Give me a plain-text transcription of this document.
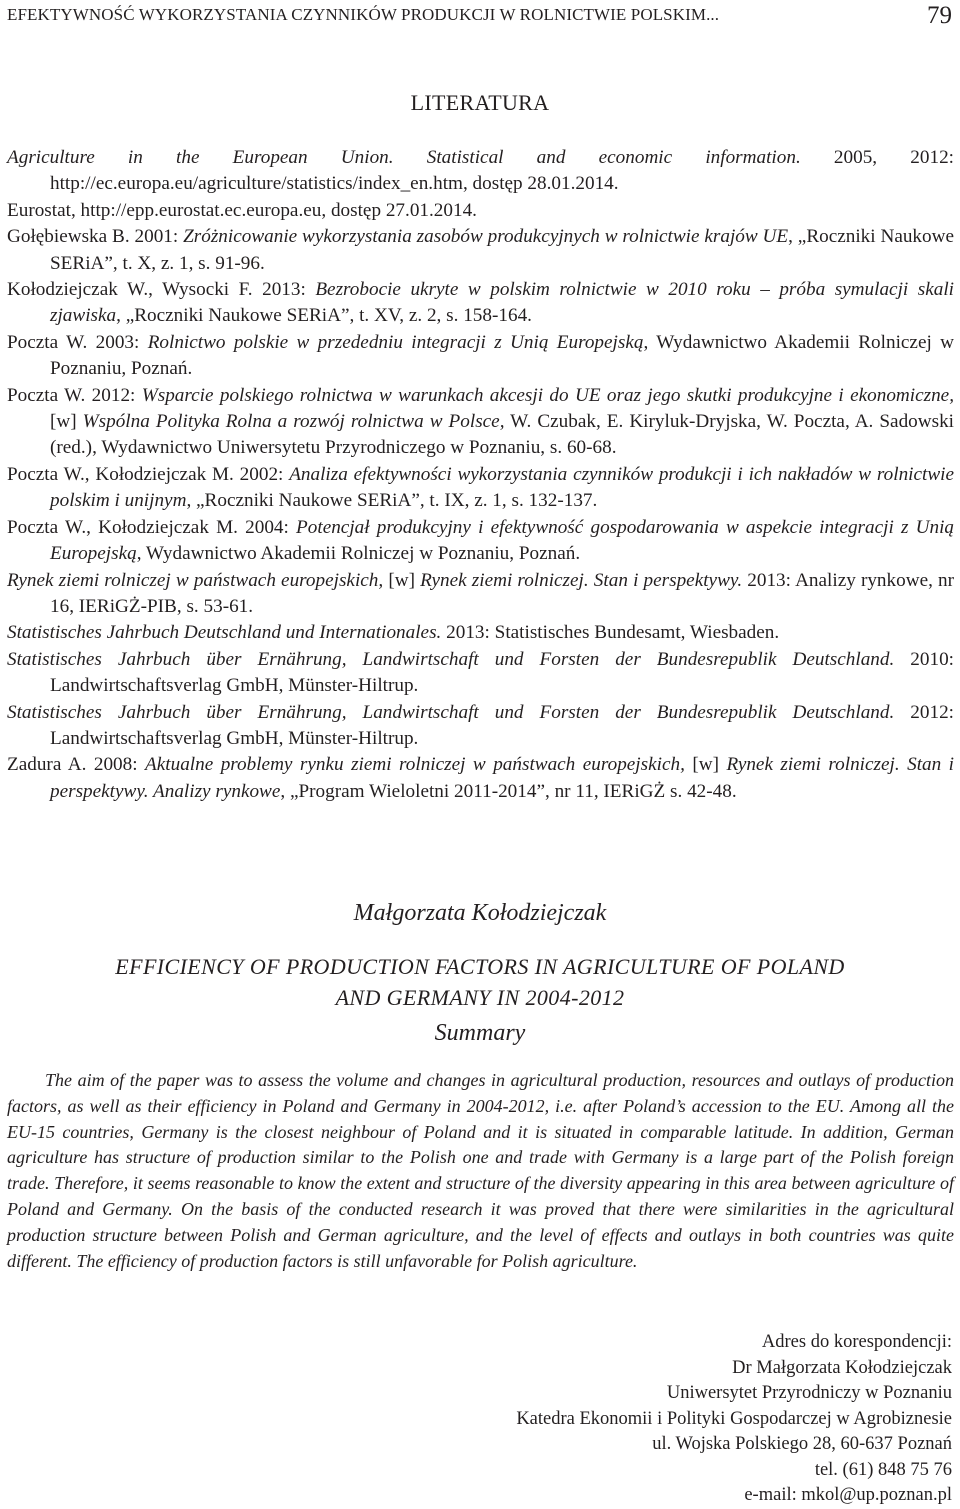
EFEKTYWNOŚĆ WYKORZYSTANIA CZYNNIKÓW PRODUKCJI W ROLNICTWIE POLSKIM...	79
LITERATURA

Agriculture in the European Union. Statistical and economic information. 2005, 2012: http://ec.europa.eu/agriculture/statistics/index_en.htm, dostęp 28.01.2014.

Eurostat, http://epp.eurostat.ec.europa.eu, dostęp 27.01.2014.

Gołębiewska B. 2001: Zróżnicowanie wykorzystania zasobów produkcyjnych w rolnictwie krajów UE, „Roczniki Naukowe SERiA”, t. X, z. 1, s. 91-96.

Kołodziejczak W., Wysocki F. 2013: Bezrobocie ukryte w polskim rolnictwie w 2010 roku – próba symulacji skali zjawiska, „Roczniki Naukowe SERiA”, t. XV, z. 2, s. 158-164.

Poczta W. 2003: Rolnictwo polskie w przededniu integracji z Unią Europejską, Wydawnictwo Akademii Rolniczej w Poznaniu, Poznań.

Poczta W. 2012: Wsparcie polskiego rolnictwa w warunkach akcesji do UE oraz jego skutki produkcyjne i ekonomiczne, [w] Wspólna Polityka Rolna a rozwój rolnictwa w Polsce, W. Czubak, E. Kiryluk-Dryjska, W. Poczta, A. Sadowski (red.), Wydawnictwo Uniwersytetu Przyrodniczego w Poznaniu, s. 60-68.

Poczta W., Kołodziejczak M. 2002: Analiza efektywności wykorzystania czynników produkcji i ich nakładów w rolnictwie polskim i unijnym, „Roczniki Naukowe SERiA”, t. IX, z. 1, s. 132-137.

Poczta W., Kołodziejczak M. 2004: Potencjał produkcyjny i efektywność gospodarowania w aspekcie integracji z Unią Europejską, Wydawnictwo Akademii Rolniczej w Poznaniu, Poznań.

Rynek ziemi rolniczej w państwach europejskich, [w] Rynek ziemi rolniczej. Stan i perspektywy. 2013: Analizy rynkowe, nr 16, IERiGŻ-PIB, s. 53-61.

Statistisches Jahrbuch Deutschland und Internationales. 2013: Statistisches Bundesamt, Wiesbaden.

Statistisches Jahrbuch über Ernährung, Landwirtschaft und Forsten der Bundesrepublik Deutschland. 2010: Landwirtschaftsverlag GmbH, Münster-Hiltrup.

Statistisches Jahrbuch über Ernährung, Landwirtschaft und Forsten der Bundesrepublik Deutschland. 2012: Landwirtschaftsverlag GmbH, Münster-Hiltrup.

Zadura A. 2008: Aktualne problemy rynku ziemi rolniczej w państwach europejskich, [w] Rynek ziemi rolniczej. Stan i perspektywy. Analizy rynkowe, „Program Wieloletni 2011-2014”, nr 11, IERiGŻ s. 42-48.

Małgorzata Kołodziejczak
EFFICIENCY OF PRODUCTION FACTORS IN AGRICULTURE OF POLAND
AND GERMANY IN 2004-2012
Summary

The aim of the paper was to assess the volume and changes in agricultural production, resources and outlays of production factors, as well as their efficiency in Poland and Germany in 2004-2012, i.e. after Poland’s accession to the EU. Among all the EU-15 countries, Germany is the closest neighbour of Poland and it is situated in comparable latitude. In addition, German agriculture has structure of production similar to the Polish one and trade with Germany is a large part of the Polish foreign trade. Therefore, it seems reasonable to know the extent and structure of the diversity appearing in this area between agriculture of Poland and Germany. On the basis of the conducted research it was proved that there were similarities in the agricultural production structure between Polish and German agriculture, and the level of effects and outlays in both countries was quite different. The efficiency of production factors is still unfavorable for Polish agriculture.

Adres do korespondencji:
Dr Małgorzata Kołodziejczak
Uniwersytet Przyrodniczy w Poznaniu
Katedra Ekonomii i Polityki Gospodarczej w Agrobiznesie
ul. Wojska Polskiego 28, 60-637 Poznań
tel. (61) 848 75 76
e-mail: mkol@up.poznan.pl
